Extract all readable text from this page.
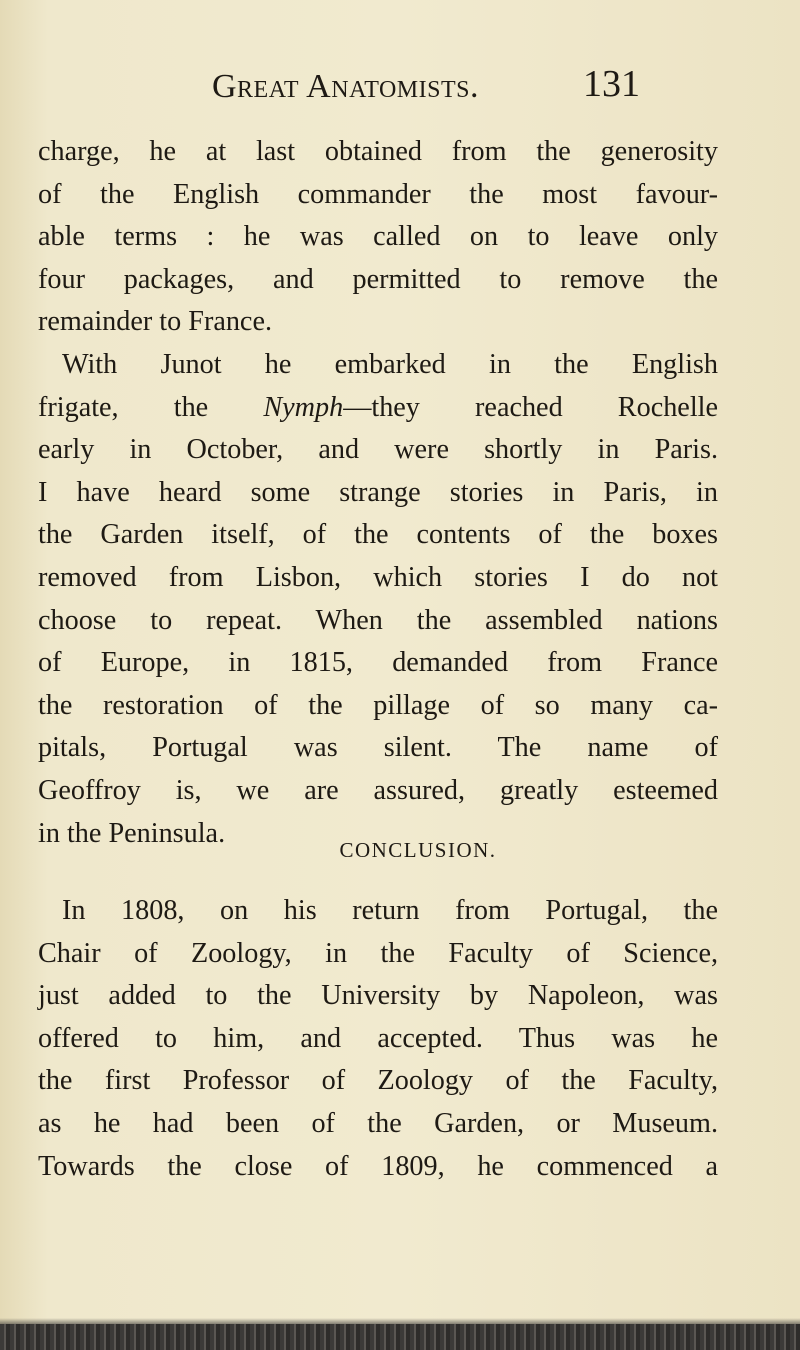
Great Anatomists.	131
charge, he at last obtained from the generosity
of the English commander the most favour-
able terms : he was called on to leave only
four packages, and permitted to remove the
remainder to France.
With Junot he embarked in the English
frigate, the Nymph—they reached Rochelle
early in October, and were shortly in Paris.
I have heard some strange stories in Paris, in
the Garden itself, of the contents of the boxes
removed from Lisbon, which stories I do not
choose to repeat. When the assembled nations
of Europe, in 1815, demanded from France
the restoration of the pillage of so many ca-
pitals, Portugal was silent. The name of
Geoffroy is, we are assured, greatly esteemed
in the Peninsula.
CONCLUSION.
In 1808, on his return from Portugal, the
Chair of Zoology, in the Faculty of Science,
just added to the University by Napoleon, was
offered to him, and accepted. Thus was he
the first Professor of Zoology of the Faculty,
as he had been of the Garden, or Museum.
Towards the close of 1809, he commenced a
